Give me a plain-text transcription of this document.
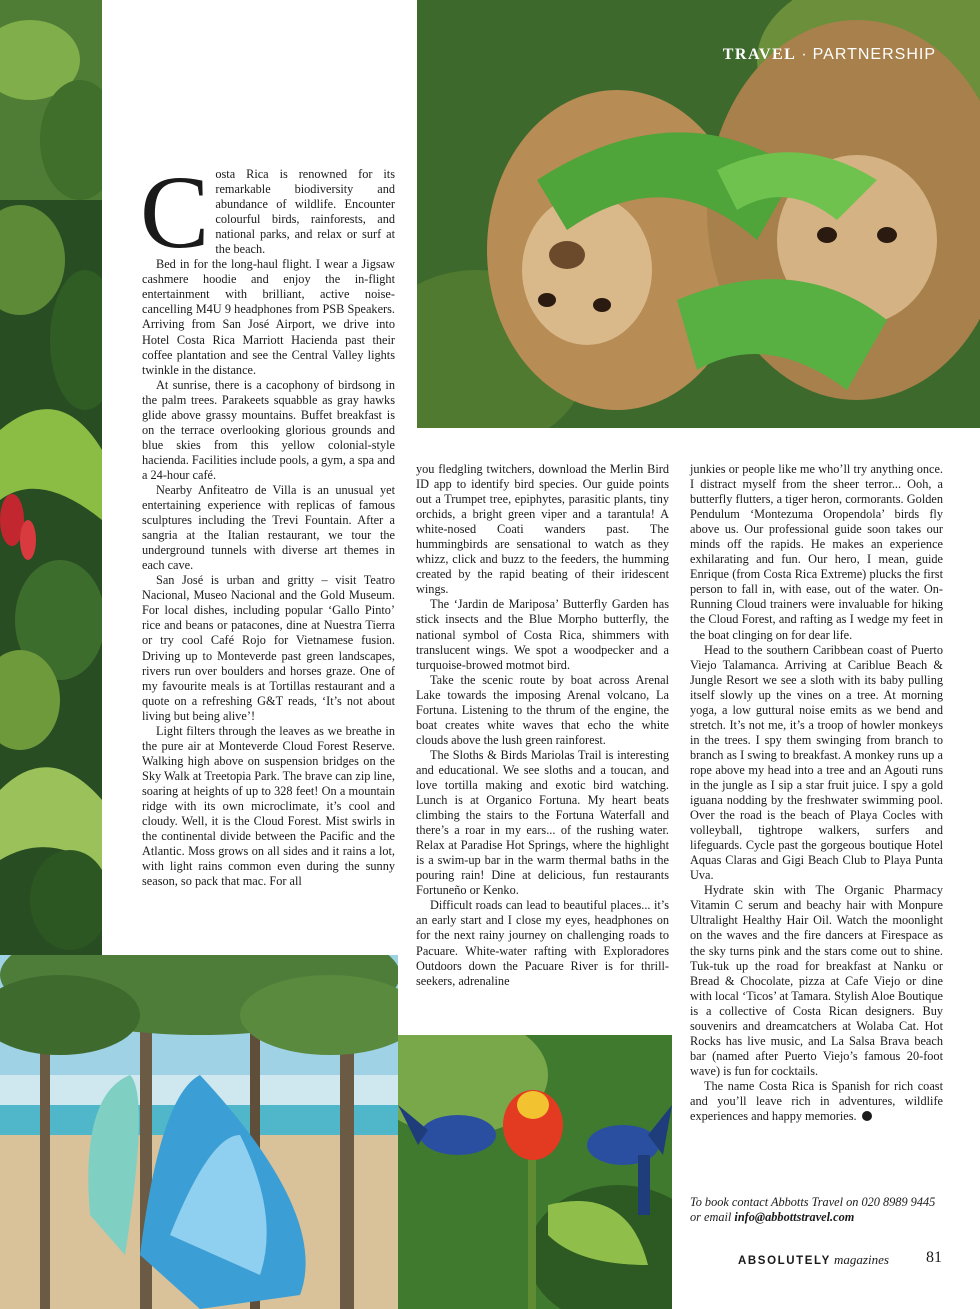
TRAVEL · PARTNERSHIP

Costa Rica is renowned for its remarkable biodiversity and abundance of wildlife. Encounter colourful birds, rainforests, and national parks, and relax or surf at the beach.

Bed in for the long-haul flight. I wear a Jigsaw cashmere hoodie and enjoy the in-flight entertainment with brilliant, active noise-cancelling M4U 9 headphones from PSB Speakers. Arriving from San José Airport, we drive into Hotel Costa Rica Marriott Hacienda past their coffee plantation and see the Central Valley lights twinkle in the distance.

At sunrise, there is a cacophony of birdsong in the palm trees. Parakeets squabble as gray hawks glide above grassy mountains. Buffet breakfast is on the terrace overlooking glorious grounds and blue skies from this yellow colonial-style hacienda. Facilities include pools, a gym, a spa and a 24-hour café.

Nearby Anfiteatro de Villa is an unusual yet entertaining experience with replicas of famous sculptures including the Trevi Fountain. After a sangria at the Italian restaurant, we tour the underground tunnels with diverse art themes in each cave.

San José is urban and gritty – visit Teatro Nacional, Museo Nacional and the Gold Museum. For local dishes, including popular ‘Gallo Pinto’ rice and beans or patacones, dine at Nuestra Tierra or try cool Café Rojo for Vietnamese fusion. Driving up to Monteverde past green landscapes, rivers run over boulders and horses graze. One of my favourite meals is at Tortillas restaurant and a quote on a refreshing G&T reads, ‘It’s not about living but being alive’!

Light filters through the leaves as we breathe in the pure air at Monteverde Cloud Forest Reserve. Walking high above on suspension bridges on the Sky Walk at Treetopia Park. The brave can zip line, soaring at heights of up to 328 feet! On a mountain ridge with its own microclimate, it’s cool and cloudy. Well, it is the Cloud Forest. Mist swirls in the continental divide between the Pacific and the Atlantic. Moss grows on all sides and it rains a lot, with light rains common even during the sunny season, so pack that mac. For all

you fledgling twitchers, download the Merlin Bird ID app to identify bird species. Our guide points out a Trumpet tree, epiphytes, parasitic plants, tiny orchids, a bright green viper and a tarantula! A white-nosed Coati wanders past. The hummingbirds are sensational to watch as they whizz, click and buzz to the feeders, the humming created by the rapid beating of their iridescent wings.

The ‘Jardin de Mariposa’ Butterfly Garden has stick insects and the Blue Morpho butterfly, the national symbol of Costa Rica, shimmers with translucent wings. We spot a woodpecker and a turquoise-browed motmot bird.

Take the scenic route by boat across Arenal Lake towards the imposing Arenal volcano, La Fortuna. Listening to the thrum of the engine, the boat creates white waves that echo the white clouds above the lush green rainforest.

The Sloths & Birds Mariolas Trail is interesting and educational. We see sloths and a toucan, and love tortilla making and exotic bird watching. Lunch is at Organico Fortuna. My heart beats climbing the stairs to the Fortuna Waterfall and there’s a roar in my ears... of the rushing water. Relax at Paradise Hot Springs, where the highlight is a swim-up bar in the warm thermal baths in the pouring rain! Dine at delicious, fun restaurants Fortuneño or Kenko.

Difficult roads can lead to beautiful places... it’s an early start and I close my eyes, headphones on for the next rainy journey on challenging roads to Pacuare. White-water rafting with Exploradores Outdoors down the Pacuare River is for thrill-seekers, adrenaline

junkies or people like me who’ll try anything once. I distract myself from the sheer terror... Ooh, a butterfly flutters, a tiger heron, cormorants. Golden Pendulum ‘Montezuma Oropendola’ birds fly above us. Our professional guide soon takes our minds off the rapids. He makes an experience exhilarating and fun. Our hero, I mean, guide Enrique (from Costa Rica Extreme) plucks the first person to fall in, with ease, out of the water. On-Running Cloud trainers were invaluable for hiking the Cloud Forest, and rafting as I wedge my feet in the boat clinging on for dear life.

Head to the southern Caribbean coast of Puerto Viejo Talamanca. Arriving at Cariblue Beach & Jungle Resort we see a sloth with its baby pulling itself slowly up the vines on a tree. At morning yoga, a low guttural noise emits as we bend and stretch. It’s not me, it’s a troop of howler monkeys in the trees. I spy them swinging from branch to branch as I swing to breakfast. A monkey runs up a rope above my head into a tree and an Agouti runs in the jungle as I sip a star fruit juice. I spy a gold iguana nodding by the freshwater swimming pool. Over the road is the beach of Playa Cocles with volleyball, tightrope walkers, surfers and lifeguards. Cycle past the gorgeous boutique Hotel Aquas Claras and Gigi Beach Club to Playa Punta Uva.

Hydrate skin with The Organic Pharmacy Vitamin C serum and beachy hair with Monpure Ultralight Healthy Hair Oil. Watch the moonlight on the waves and the fire dancers at Firespace as the sky turns pink and the stars come out to shine. Tuk-tuk up the road for breakfast at Nanku or Bread & Chocolate, pizza at Cafe Viejo or dine with local ‘Ticos’ at Tamara. Stylish Aloe Boutique is a collective of Costa Rican designers. Buy souvenirs and dreamcatchers at Wolaba Cat. Hot Rocks has live music, and La Salsa Brava beach bar (named after Puerto Viejo’s famous 20-foot wave) is fun for cocktails.

The name Costa Rica is Spanish for rich coast and you’ll leave rich in adventures, wildlife experiences and happy memories.

To book contact Abbotts Travel on 020 8989 9445 or email info@abbottstravel.com
ABSOLUTELY magazines 81
